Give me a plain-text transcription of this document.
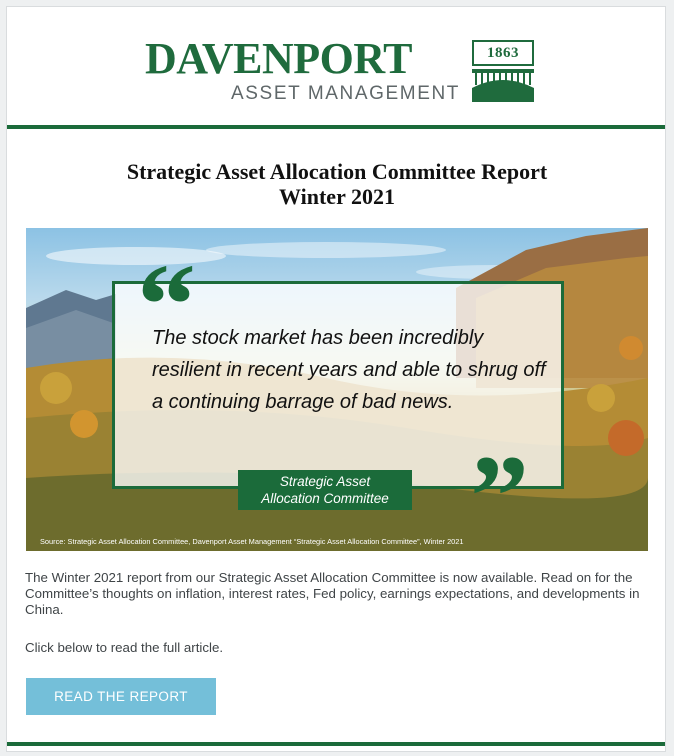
DAVENPORT
ASSET MANAGEMENT
1863
Strategic Asset Allocation Committee Report
Winter 2021
“
The stock market has been incredibly resilient in recent years and able to shrug off a continuing barrage of bad news.
Strategic Asset
Allocation Committee ”
Source: Strategic Asset Allocation Committee, Davenport Asset Management “Strategic Asset Allocation Committee”, Winter 2021
The Winter 2021 report from our Strategic Asset Allocation Committee is now available. Read on for the Committee’s thoughts on inflation, interest rates, Fed policy, earnings expectations, and developments in China.
Click below to read the full article.
READ THE REPORT
